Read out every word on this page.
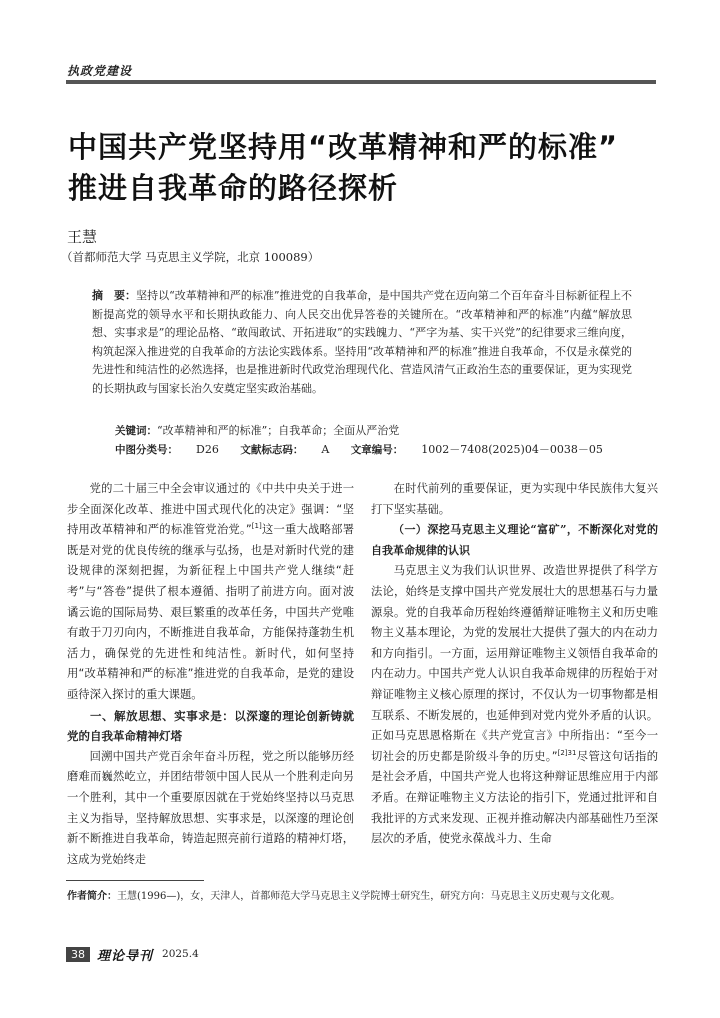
执政党建设
中国共产党坚持用“改革精神和严的标准”
推进自我革命的路径探析
王慧
（首都师范大学 马克思主义学院，北京 100089）
摘　要：坚持以“改革精神和严的标准”推进党的自我革命，是中国共产党在迈向第二个百年奋斗目标新征程上不断提高党的领导水平和长期执政能力、向人民交出优异答卷的关键所在。“改革精神和严的标准”内蕴“解放思想、实事求是”的理论品格、“敢闯敢试、开拓进取”的实践魄力、“严字为基、实干兴党”的纪律要求三维向度，构筑起深入推进党的自我革命的方法论实践体系。坚持用“改革精神和严的标准”推进自我革命，不仅是永葆党的先进性和纯洁性的必然选择，也是推进新时代政党治理现代化、营造风清气正政治生态的重要保证，更为实现党的长期执政与国家长治久安奠定坚实政治基础。
关键词：“改革精神和严的标准”；自我革命；全面从严治党
中图分类号： D26 文献标志码： A 文章编号： 1002－7408(2025)04－0038－05

党的二十届三中全会审议通过的《中共中央关于进一步全面深化改革、推进中国式现代化的决定》强调：“坚持用改革精神和严的标准管党治党。”[1]这一重大战略部署既是对党的优良传统的继承与弘扬，也是对新时代党的建设规律的深刻把握，为新征程上中国共产党人继续“赶考”与“答卷”提供了根本遵循、指明了前进方向。面对波谲云诡的国际局势、艰巨繁重的改革任务，中国共产党唯有敢于刀刃向内，不断推进自我革命，方能保持蓬勃生机活力，确保党的先进性和纯洁性。新时代，如何坚持用“改革精神和严的标准”推进党的自我革命，是党的建设亟待深入探讨的重大课题。

一、解放思想、实事求是：以深邃的理论创新铸就党的自我革命精神灯塔

回溯中国共产党百余年奋斗历程，党之所以能够历经磨难而巍然屹立，并团结带领中国人民从一个胜利走向另一个胜利，其中一个重要原因就在于党始终坚持以马克思主义为指导，坚持解放思想、实事求是，以深邃的理论创新不断推进自我革命，铸造起照亮前行道路的精神灯塔，这成为党始终走

在时代前列的重要保证，更为实现中华民族伟大复兴打下坚实基础。

（一）深挖马克思主义理论“富矿”，不断深化对党的自我革命规律的认识

马克思主义为我们认识世界、改造世界提供了科学方法论，始终是支撑中国共产党发展壮大的思想基石与力量源泉。党的自我革命历程始终遵循辩证唯物主义和历史唯物主义基本理论，为党的发展壮大提供了强大的内在动力和方向指引。一方面，运用辩证唯物主义领悟自我革命的内在动力。中国共产党人认识自我革命规律的历程始于对辩证唯物主义核心原理的探讨，不仅认为一切事物都是相互联系、不断发展的，也延伸到对党内党外矛盾的认识。正如马克思恩格斯在《共产党宣言》中所指出：“至今一切社会的历史都是阶级斗争的历史。”$^{[2]31}$尽管这句话指的是社会矛盾，中国共产党人也将这种辩证思维应用于内部矛盾。在辩证唯物主义方法论的指引下，党通过批评和自我批评的方式来发现、正视并推动解决内部基础性乃至深层次的矛盾，使党永葆战斗力、生命

作者简介：王慧(1996—)，女，天津人，首都师范大学马克思主义学院博士研究生，研究方向：马克思主义历史观与文化观。
38 理论导刊 2025.4
